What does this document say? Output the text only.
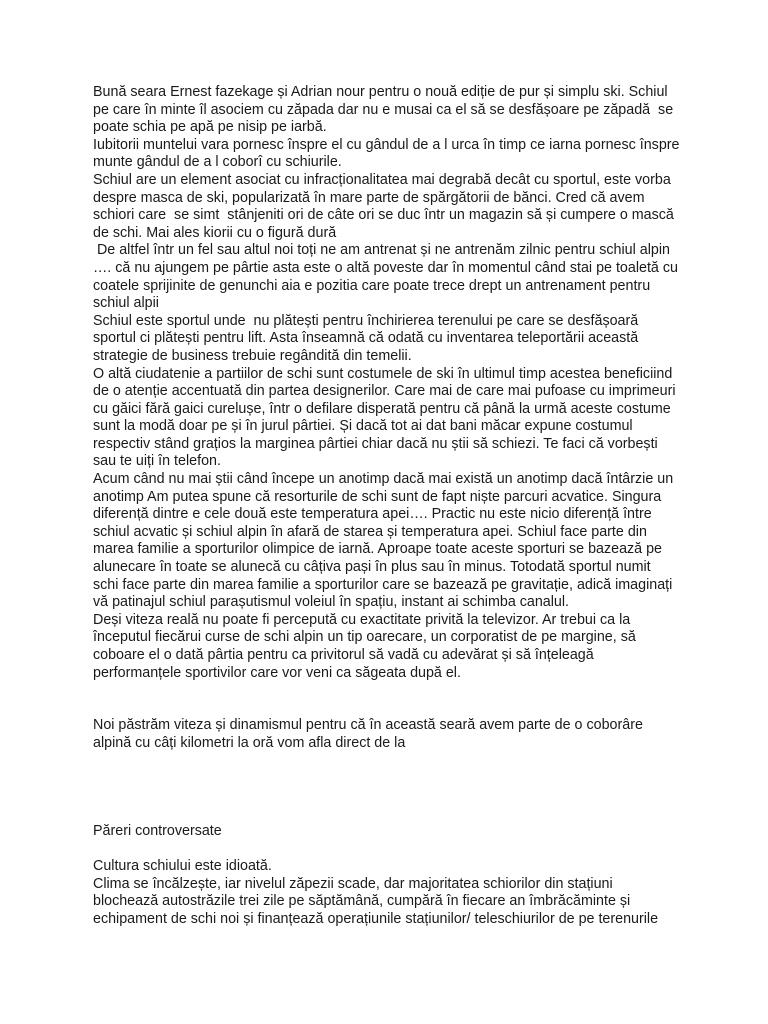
Bună seara Ernest fazekage și Adrian nour pentru o nouă ediție de pur și simplu ski. Schiul
pe care în minte îl asociem cu zăpada dar nu e musai ca el să se desfășoare pe zăpadă  se
poate schia pe apă pe nisip pe iarbă.
Iubitorii muntelui vara pornesc înspre el cu gândul de a l urca în timp ce iarna pornesc înspre
munte gândul de a l coborî cu schiurile.
Schiul are un element asociat cu infracționalitatea mai degrabă decât cu sportul, este vorba
despre masca de ski, popularizată în mare parte de spărgătorii de bănci. Cred că avem
schiori care  se simt  stânjeniti ori de câte ori se duc într un magazin să și cumpere o mască
de schi. Mai ales kiorii cu o figură dură
De altfel într un fel sau altul noi toți ne am antrenat și ne antrenăm zilnic pentru schiul alpin
…. că nu ajungem pe pârtie asta este o altă poveste dar în momentul când stai pe toaletă cu
coatele sprijinite de genunchi aia e pozitia care poate trece drept un antrenament pentru
schiul alpii
Schiul este sportul unde  nu plătești pentru închirierea terenului pe care se desfășoară
sportul ci plătești pentru lift. Asta înseamnă că odată cu inventarea teleportării această
strategie de business trebuie regândită din temelii.
O altă ciudatenie a partiilor de schi sunt costumele de ski în ultimul timp acestea beneficiind
de o atenție accentuată din partea designerilor. Care mai de care mai pufoase cu imprimeuri
cu găici fără gaici curelușe, într o defilare disperată pentru că până la urmă aceste costume
sunt la modă doar pe și în jurul pârtiei. Și dacă tot ai dat bani măcar expune costumul
respectiv stând grațios la marginea pârtiei chiar dacă nu știi să schiezi. Te faci că vorbești
sau te uiți în telefon.
Acum când nu mai știi când începe un anotimp dacă mai există un anotimp dacă întârzie un
anotimp Am putea spune că resorturile de schi sunt de fapt niște parcuri acvatice. Singura
diferență dintre e cele două este temperatura apei…. Practic nu este nicio diferență între
schiul acvatic și schiul alpin în afară de starea și temperatura apei. Schiul face parte din
marea familie a sporturilor olimpice de iarnă. Aproape toate aceste sporturi se bazează pe
alunecare în toate se alunecă cu câțiva pași în plus sau în minus. Totodată sportul numit
schi face parte din marea familie a sporturilor care se bazează pe gravitație, adică imaginați
vă patinajul schiul parașutismul voleiul în spațiu, instant ai schimba canalul.
Deși viteza reală nu poate fi percepută cu exactitate privită la televizor. Ar trebui ca la
începutul fiecărui curse de schi alpin un tip oarecare, un corporatist de pe margine, să
coboare el o dată pârtia pentru ca privitorul să vadă cu adevărat și să înțeleagă
performanțele sportivilor care vor veni ca săgeata după el.
Noi păstrăm viteza și dinamismul pentru că în această seară avem parte de o coborâre
alpină cu câți kilometri la oră vom afla direct de la
Păreri controversate
Cultura schiului este idioată.
Clima se încălzește, iar nivelul zăpezii scade, dar majoritatea schiorilor din stațiuni
blochează autostrăzile trei zile pe săptămână, cumpără în fiecare an îmbrăcăminte și
echipament de schi noi și finanțează operațiunile stațiunilor/ teleschiurilor de pe terenurile
